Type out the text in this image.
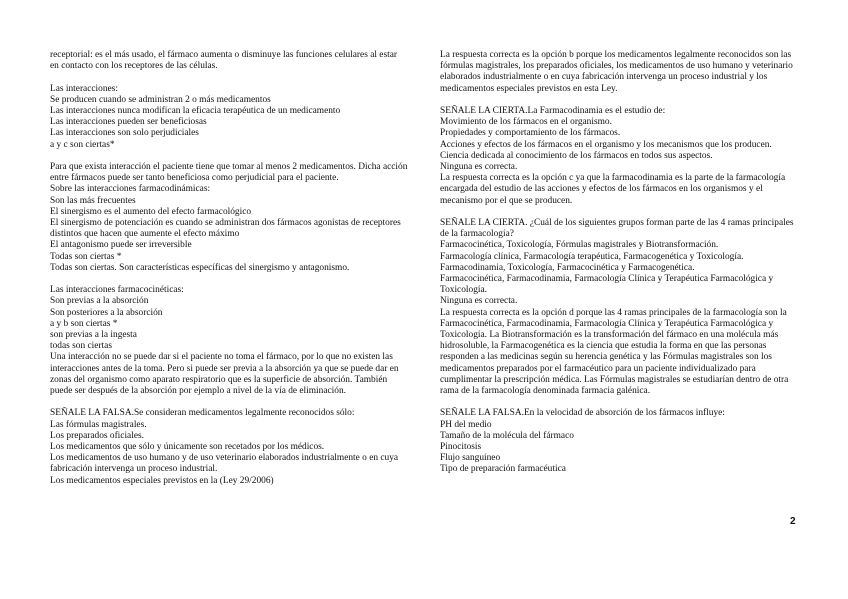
receptorial: es el más usado, el fármaco aumenta o disminuye las funciones celulares al estar en contacto con los receptores de las células.
Las interacciones:
Se producen cuando se administran 2 o más medicamentos
Las interacciones nunca modifican la eficacia terapéutica de un medicamento
Las interacciones pueden ser beneficiosas
Las interacciones son solo perjudiciales
a y c son ciertas*
Para que exista interacción el paciente tiene que tomar al menos 2 medicamentos. Dicha acción entre fármacos puede ser tanto beneficiosa como perjudicial para el paciente.
Sobre las interacciones farmacodinámicas:
Son las más frecuentes
El sinergismo es el aumento del efecto farmacológico
El sinergismo de potenciación es cuando se administran dos fármacos agonistas de receptores distintos que hacen que aumente el efecto máximo
El antagonismo puede ser irreversible
Todas son ciertas *
Todas son ciertas. Son características específicas del sinergismo y antagonismo.
Las interacciones farmacocinéticas:
Son previas a la absorción
Son posteriores a la absorción
a y b son ciertas *
son previas a la ingesta
todas son ciertas
Una interacción no se puede dar si el paciente no toma el fármaco, por lo que no existen las interacciones antes de la toma. Pero si puede ser previa a la absorción ya que se puede dar en zonas del organismo como aparato respiratorio que es la superficie de absorción. También puede ser después de la absorción por ejemplo a nivel de la vía de eliminación.
SEÑALE LA FALSA.Se consideran medicamentos legalmente reconocidos sólo:
Las fórmulas magistrales.
Los preparados oficiales.
Los medicamentos que sólo y únicamente son recetados por los médicos.
Los medicamentos de uso humano y de uso veterinario elaborados industrialmente o en cuya fabricación intervenga un proceso industrial.
Los medicamentos especiales previstos en la (Ley 29/2006)
La respuesta correcta es la opción b porque los medicamentos legalmente reconocidos son las fórmulas magistrales, los preparados oficiales, los medicamentos de uso humano y veterinario elaborados industrialmente o en cuya fabricación intervenga un proceso industrial y los medicamentos especiales previstos en esta Ley.
SEÑALE LA CIERTA.La Farmacodinamia es el estudio de:
Movimiento de los fármacos en el organismo.
Propiedades y comportamiento de los fármacos.
Acciones y efectos de los fármacos en el organismo y los mecanismos que los producen.
Ciencia dedicada al conocimiento de los fármacos en todos sus aspectos.
Ninguna es correcta.
La respuesta correcta es la opción c ya que la farmacodinamia es la parte de la farmacología encargada del estudio de las acciones y efectos de los fármacos en los organismos y el mecanismo por el que se producen.
SEÑALE LA CIERTA. ¿Cuál de los siguientes grupos forman parte de las 4 ramas principales de la farmacología?
Farmacocinética, Toxicología, Fórmulas magistrales y Biotransformación.
Farmacología clínica, Farmacología terapéutica, Farmacogenética y Toxicología.
Farmacodinamia, Toxicología, Farmacocinética y Farmacogenética.
Farmacocinética, Farmacodinamia, Farmacología Clínica y Terapéutica Farmacológica y Toxicología.
Ninguna es correcta.
La respuesta correcta es la opción d porque las 4 ramas principales de la farmacología son la Farmacocinética, Farmacodinamia, Farmacología Clínica y Terapéutica Farmacológica y Toxicología. La Biotransformación es la transformación del fármaco en una molécula más hidrosoluble, la Farmacogenética es la ciencia que estudia la forma en que las personas responden a las medicinas según su herencia genética y las Fórmulas magistrales son los medicamentos preparados por el farmacéutico para un paciente individualizado para cumplimentar la prescripción médica. Las Fórmulas magistrales se estudiarían dentro de otra rama de la farmacología denominada farmacia galénica.
SEÑALE LA FALSA.En la velocidad de absorción de los fármacos influye:
PH del medio
Tamaño de la molécula del fármaco
Pinocitosis
Flujo sanguíneo
Tipo de preparación farmacéutica
2
